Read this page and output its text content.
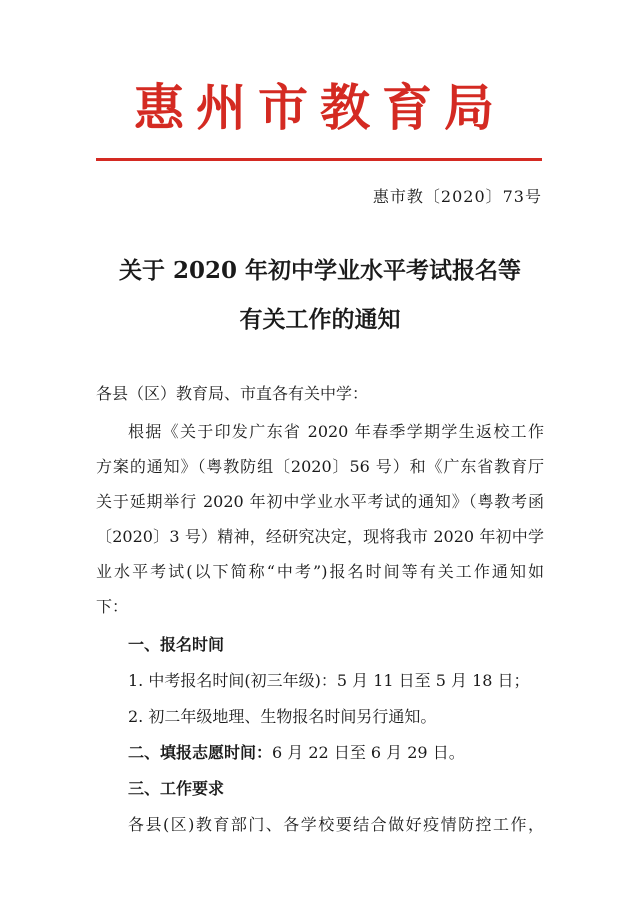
惠州市教育局
惠市教〔2020〕73号
关于 2020 年初中学业水平考试报名等
有关工作的通知
各县（区）教育局、市直各有关中学：
根据《关于印发广东省 2020 年春季学期学生返校工作
方案的通知》（粤教防组〔2020〕56 号）和《广东省教育厅
关于延期举行 2020 年初中学业水平考试的通知》（粤教考函
〔2020〕3 号）精神，经研究决定，现将我市 2020 年初中学
业水平考试(以下简称“中考”)报名时间等有关工作通知如
下：
一、报名时间
1. 中考报名时间(初三年级)：5 月 11 日至 5 月 18 日；
2. 初二年级地理、生物报名时间另行通知。
二、填报志愿时间：6 月 22 日至 6 月 29 日。
三、工作要求
各县(区)教育部门、各学校要结合做好疫情防控工作，
